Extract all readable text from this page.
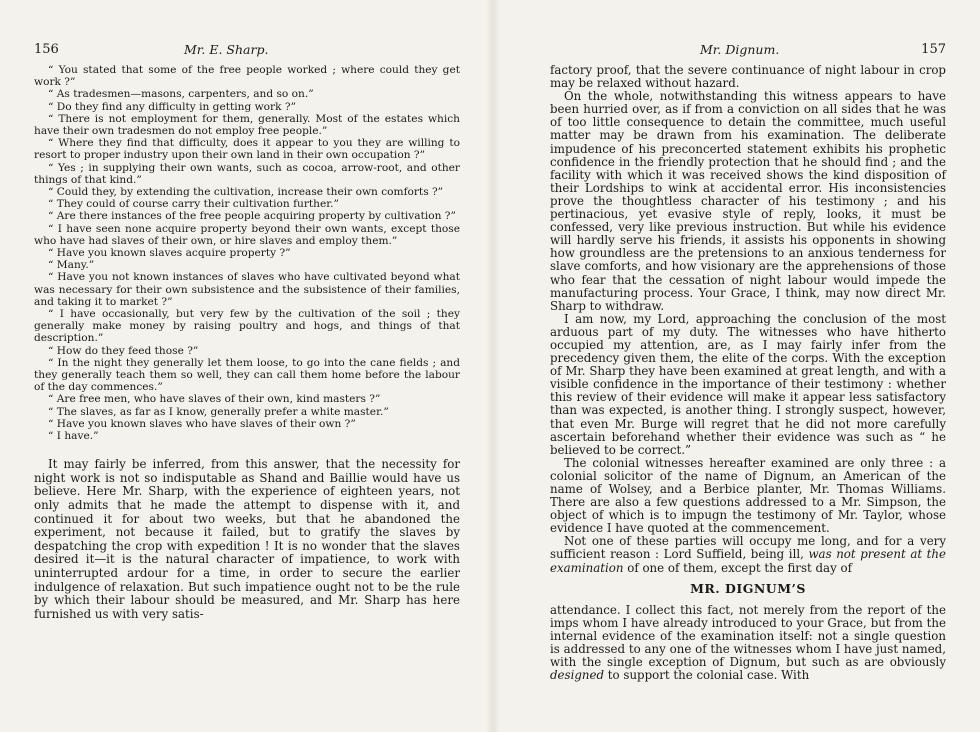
156	Mr. E. Sharp.

“ You stated that some of the free people worked ; where could they get work ?”

“ As tradesmen—masons, carpenters, and so on.”

“ Do they find any difficulty in getting work ?”

“ There is not employment for them, generally. Most of the estates which have their own tradesmen do not employ free people.”

“ Where they find that difficulty, does it appear to you they are willing to resort to proper industry upon their own land in their own occupation ?”

“ Yes ; in supplying their own wants, such as cocoa, arrow-root, and other things of that kind.”

“ Could they, by extending the cultivation, increase their own comforts ?”

“ They could of course carry their cultivation further.”

“ Are there instances of the free people acquiring property by cultivation ?”

“ I have seen none acquire property beyond their own wants, except those who have had slaves of their own, or hire slaves and employ them.”

“ Have you known slaves acquire property ?”

“ Many.”

“ Have you not known instances of slaves who have cultivated beyond what was necessary for their own subsistence and the subsistence of their families, and taking it to market ?”

“ I have occasionally, but very few by the cultivation of the soil ; they generally make money by raising poultry and hogs, and things of that description.”

“ How do they feed those ?”

“ In the night they generally let them loose, to go into the cane fields ; and they generally teach them so well, they can call them home before the labour of the day commences.”

“ Are free men, who have slaves of their own, kind masters ?”

“ The slaves, as far as I know, generally prefer a white master.”

“ Have you known slaves who have slaves of their own ?”

“ I have.”

It may fairly be inferred, from this answer, that the necessity for night work is not so indisputable as Shand and Baillie would have us believe. Here Mr. Sharp, with the experience of eighteen years, not only admits that he made the attempt to dispense with it, and continued it for about two weeks, but that he abandoned the experiment, not because it failed, but to gratify the slaves by despatching the crop with expedition ! It is no wonder that the slaves desired it—it is the natural character of impatience, to work with uninterrupted ardour for a time, in order to secure the earlier indulgence of relaxation. But such impatience ought not to be the rule by which their labour should be measured, and Mr. Sharp has here furnished us with very satis-

Mr. Dignum.	157

factory proof, that the severe continuance of night labour in crop may be relaxed without hazard.

On the whole, notwithstanding this witness appears to have been hurried over, as if from a conviction on all sides that he was of too little consequence to detain the committee, much useful matter may be drawn from his examination. The deliberate impudence of his preconcerted statement exhibits his prophetic confidence in the friendly protection that he should find ; and the facility with which it was received shows the kind disposition of their Lordships to wink at accidental error. His inconsistencies prove the thoughtless character of his testimony ; and his pertinacious, yet evasive style of reply, looks, it must be confessed, very like previous instruction. But while his evidence will hardly serve his friends, it assists his opponents in showing how groundless are the pretensions to an anxious tenderness for slave comforts, and how visionary are the apprehensions of those who fear that the cessation of night labour would impede the manufacturing process. Your Grace, I think, may now direct Mr. Sharp to withdraw.

I am now, my Lord, approaching the conclusion of the most arduous part of my duty. The witnesses who have hitherto occupied my attention, are, as I may fairly infer from the precedency given them, the elite of the corps. With the exception of Mr. Sharp they have been examined at great length, and with a visible confidence in the importance of their testimony : whether this review of their evidence will make it appear less satisfactory than was expected, is another thing. I strongly suspect, however, that even Mr. Burge will regret that he did not more carefully ascertain beforehand whether their evidence was such as “ he believed to be correct.”

The colonial witnesses hereafter examined are only three : a colonial solicitor of the name of Dignum, an American of the name of Wolsey, and a Berbice planter, Mr. Thomas Williams. There are also a few questions addressed to a Mr. Simpson, the object of which is to impugn the testimony of Mr. Taylor, whose evidence I have quoted at the commencement.

Not one of these parties will occupy me long, and for a very sufficient reason : Lord Suffield, being ill, was not present at the examination of one of them, except the first day of

MR. DIGNUM’S

attendance. I collect this fact, not merely from the report of the imps whom I have already introduced to your Grace, but from the internal evidence of the examination itself: not a single question is addressed to any one of the witnesses whom I have just named, with the single exception of Dignum, but such as are obviously designed to support the colonial case. With
